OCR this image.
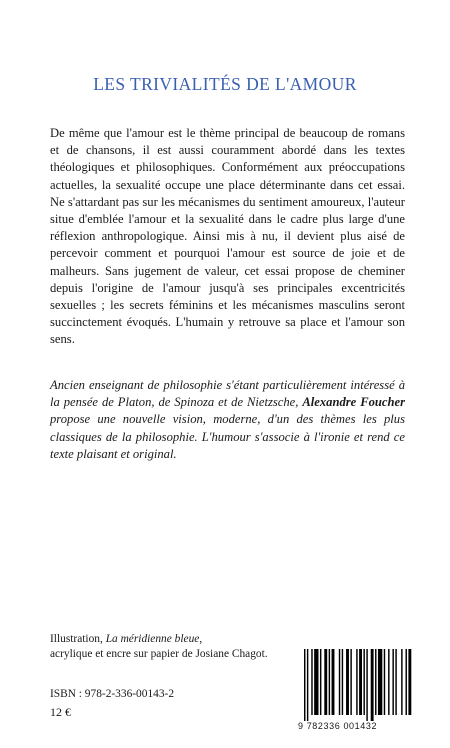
LES TRIVIALITÉS DE L'AMOUR

De même que l'amour est le thème principal de beaucoup de romans et de chansons, il est aussi couramment abordé dans les textes théologiques et philosophiques. Conformément aux préoccupations actuelles, la sexualité occupe une place déterminante dans cet essai. Ne s'attardant pas sur les mécanismes du sentiment amoureux, l'auteur situe d'emblée l'amour et la sexualité dans le cadre plus large d'une réflexion anthropologique. Ainsi mis à nu, il devient plus aisé de percevoir comment et pourquoi l'amour est source de joie et de malheurs. Sans jugement de valeur, cet essai propose de cheminer depuis l'origine de l'amour jusqu'à ses principales excentricités sexuelles ; les secrets féminins et les mécanismes masculins seront succinctement évoqués. L'humain y retrouve sa place et l'amour son sens.

Ancien enseignant de philosophie s'étant particulièrement intéressé à la pensée de Platon, de Spinoza et de Nietzsche, Alexandre Foucher propose une nouvelle vision, moderne, d'un des thèmes les plus classiques de la philosophie. L'humour s'associe à l'ironie et rend ce texte plaisant et original.

Illustration, La méridienne bleue,
acrylique et encre sur papier de Josiane Chagot.

ISBN : 978-2-336-00143-2
12 €
9 782336 001432
